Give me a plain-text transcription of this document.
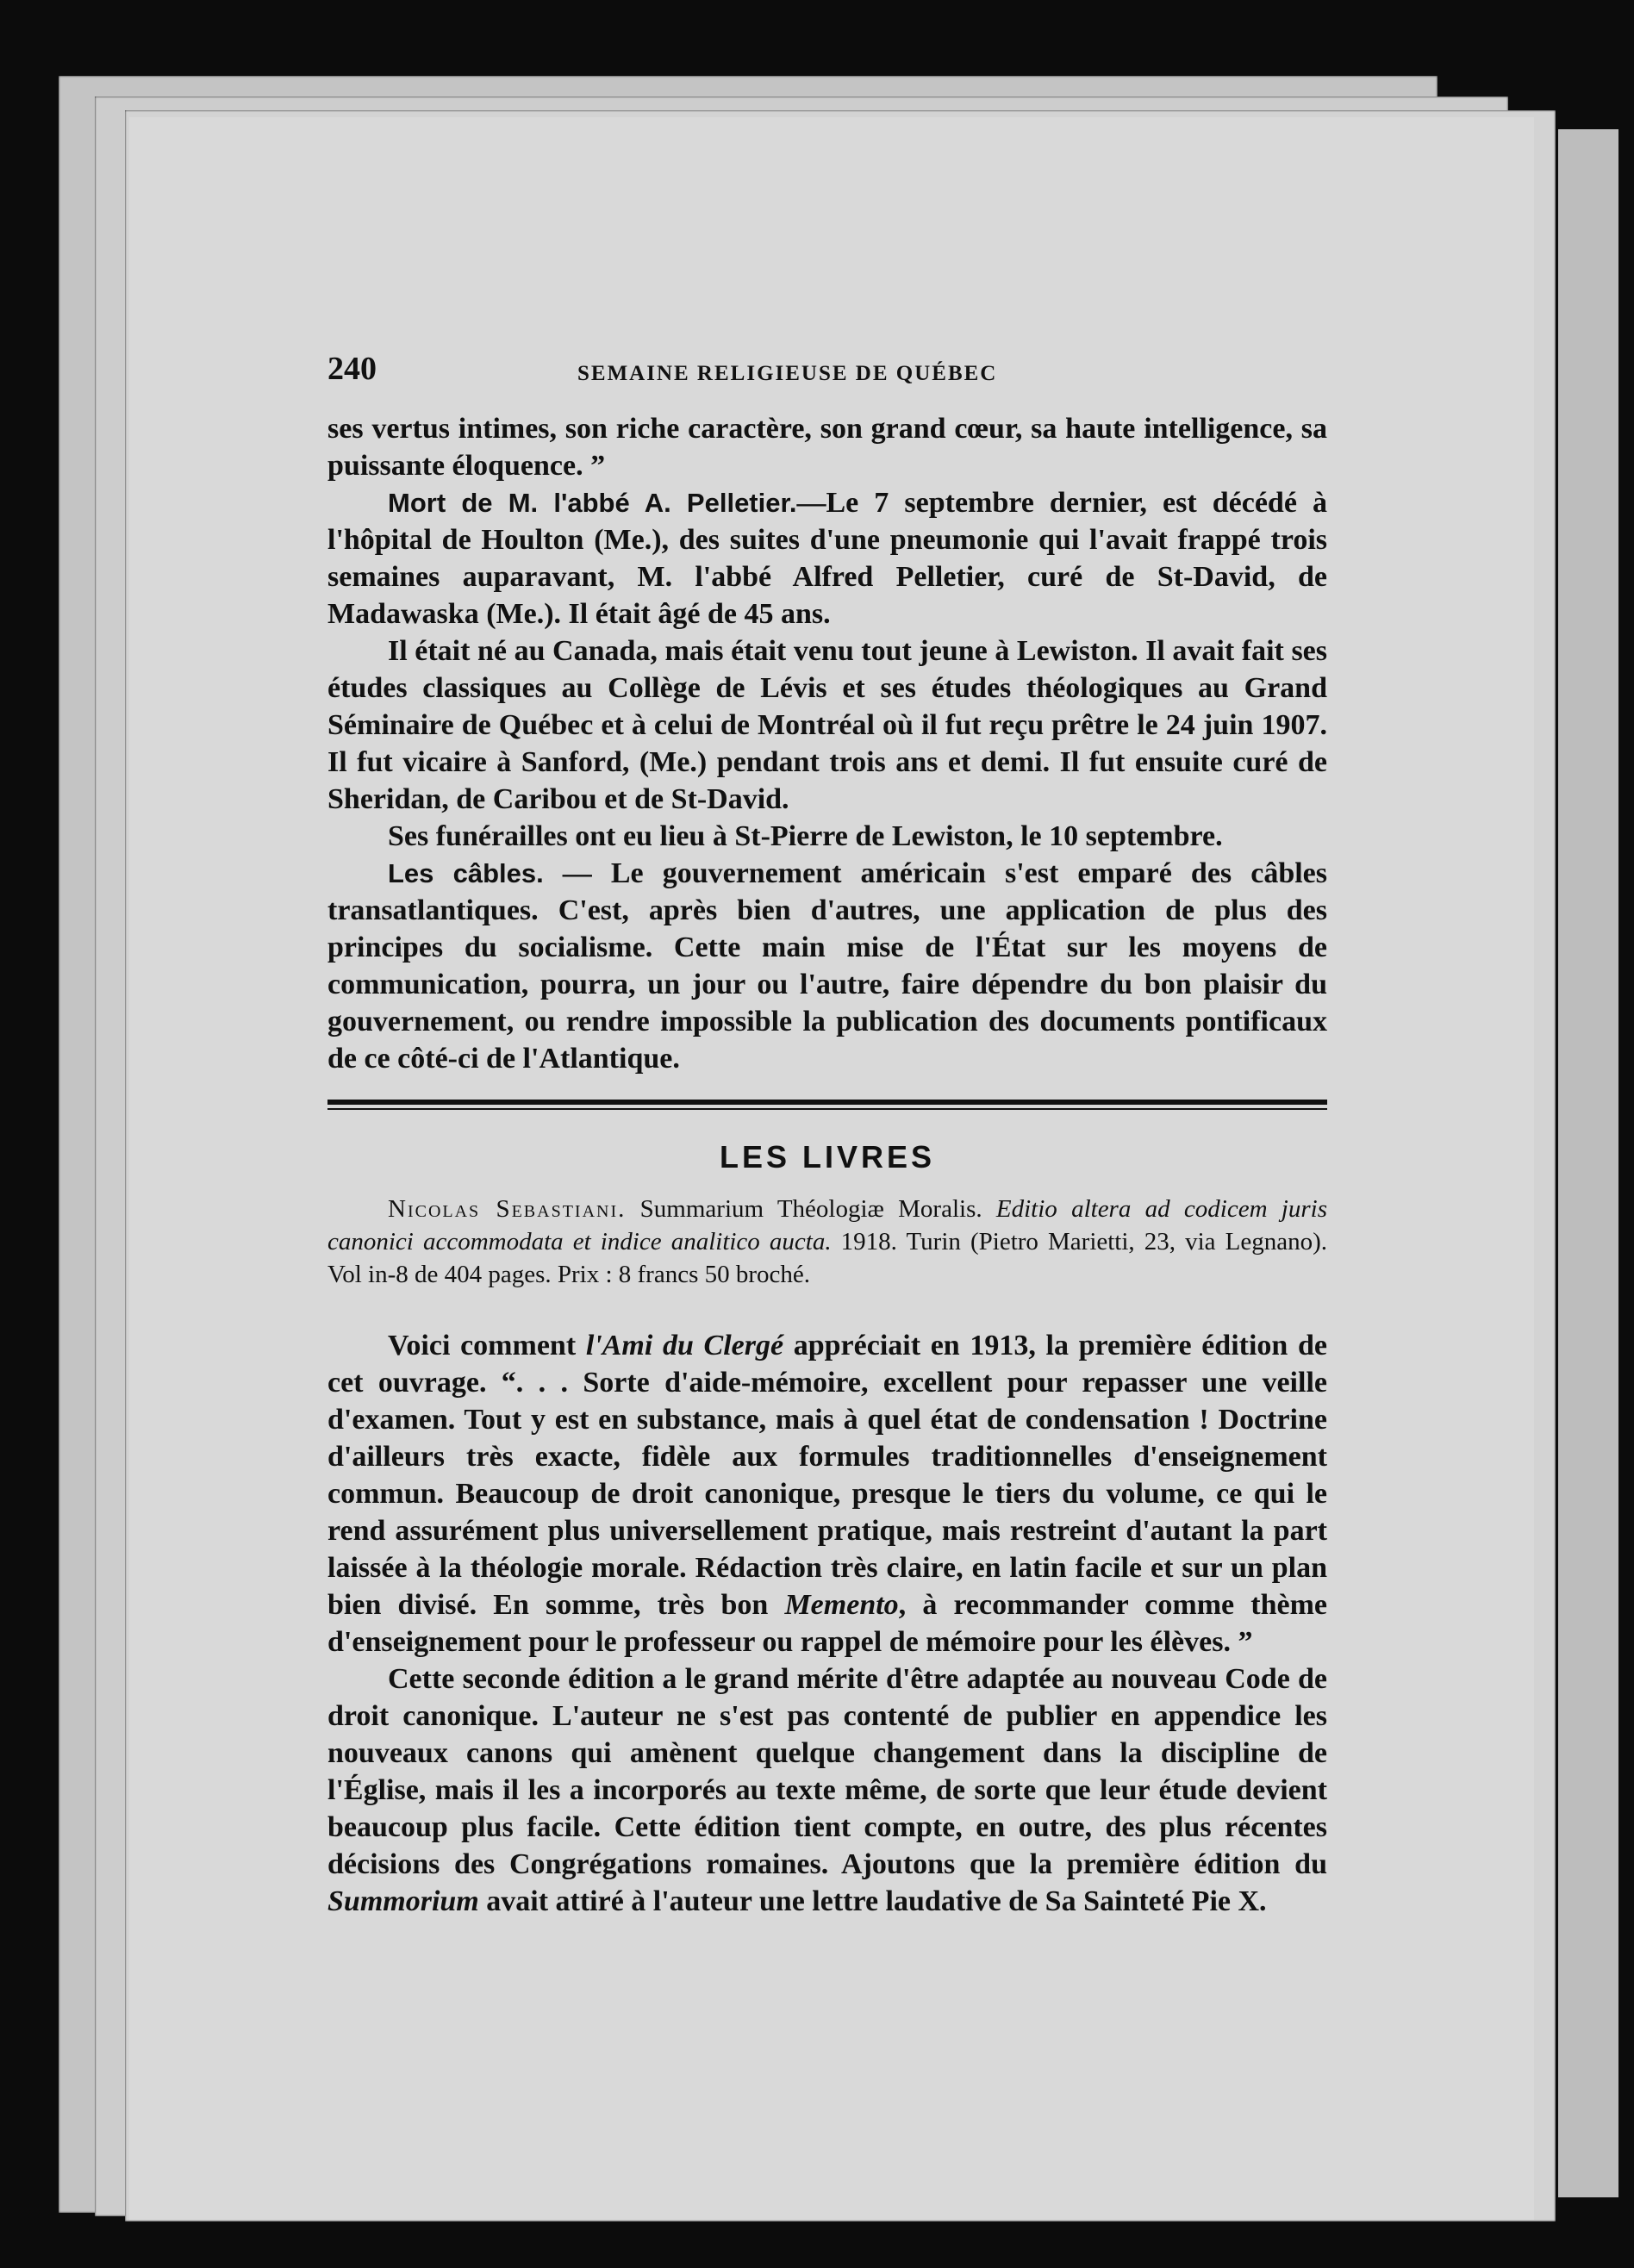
240	SEMAINE RELIGIEUSE DE QUÉBEC

ses vertus intimes, son riche caractère, son grand cœur, sa haute intelligence, sa puissante éloquence. ”

Mort de M. l'abbé A. Pelletier.—Le 7 septembre dernier, est décédé à l'hôpital de Houlton (Me.), des suites d'une pneumonie qui l'avait frappé trois semaines auparavant, M. l'abbé Alfred Pelletier, curé de St-David, de Madawaska (Me.). Il était âgé de 45 ans.

Il était né au Canada, mais était venu tout jeune à Lewiston. Il avait fait ses études classiques au Collège de Lévis et ses études théologiques au Grand Séminaire de Québec et à celui de Montréal où il fut reçu prêtre le 24 juin 1907. Il fut vicaire à Sanford, (Me.) pendant trois ans et demi. Il fut ensuite curé de Sheridan, de Caribou et de St-David.

Ses funérailles ont eu lieu à St-Pierre de Lewiston, le 10 septembre.

Les câbles. — Le gouvernement américain s'est emparé des câbles transatlantiques. C'est, après bien d'autres, une application de plus des principes du socialisme. Cette main mise de l'État sur les moyens de communication, pourra, un jour ou l'autre, faire dépendre du bon plaisir du gouvernement, ou rendre impossible la publication des documents pontificaux de ce côté-ci de l'Atlantique.

LES LIVRES

Nicolas Sebastiani. Summarium Théologiæ Moralis. Editio altera ad codicem juris canonici accommodata et indice analitico aucta. 1918. Turin (Pietro Marietti, 23, via Legnano). Vol in-8 de 404 pages. Prix : 8 francs 50 broché.

Voici comment l'Ami du Clergé appréciait en 1913, la première édition de cet ouvrage. “. . . Sorte d'aide-mémoire, excellent pour repasser une veille d'examen. Tout y est en substance, mais à quel état de condensation ! Doctrine d'ailleurs très exacte, fidèle aux formules traditionnelles d'enseignement commun. Beaucoup de droit canonique, presque le tiers du volume, ce qui le rend assurément plus universellement pratique, mais restreint d'autant la part laissée à la théologie morale. Rédaction très claire, en latin facile et sur un plan bien divisé. En somme, très bon Memento, à recommander comme thème d'enseignement pour le professeur ou rappel de mémoire pour les élèves. ”

Cette seconde édition a le grand mérite d'être adaptée au nouveau Code de droit canonique. L'auteur ne s'est pas contenté de publier en appendice les nouveaux canons qui amènent quelque changement dans la discipline de l'Église, mais il les a incorporés au texte même, de sorte que leur étude devient beaucoup plus facile. Cette édition tient compte, en outre, des plus récentes décisions des Congrégations romaines. Ajoutons que la première édition du Summorium avait attiré à l'auteur une lettre laudative de Sa Sainteté Pie X.
